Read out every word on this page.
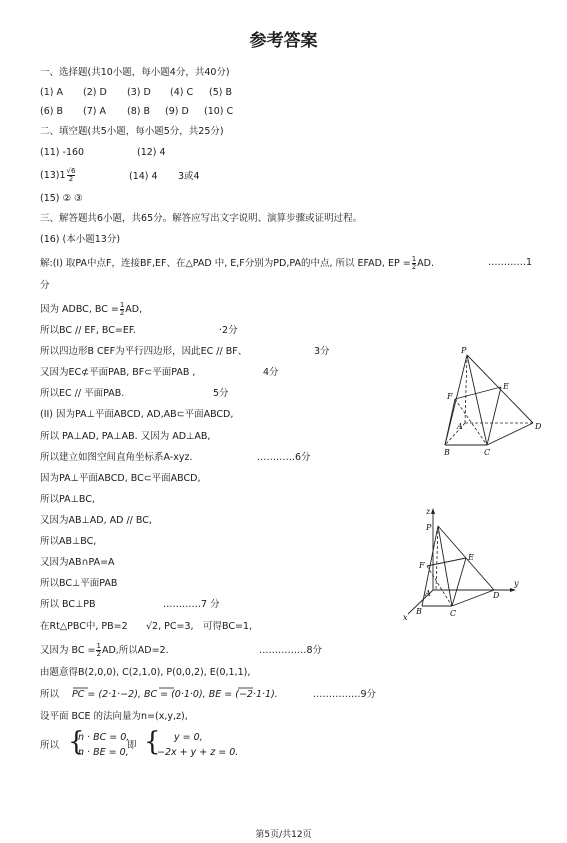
参考答案
一、选择题(共10小题，每小题4分，共40分)
(1) A (2) D (3) D (4) C (5) B
(6) B (7) A (8) B (9) D (10) C
二、填空题(共5小题，每小题5分，共25分)
(11) -160	(12) 4
$(13)1 \frac{√6}{2}$	(14) 4 3或4
(15) ② ③
三、解答题共6小题，共65分。解答应写出文字说明、演算步骤或证明过程。
(16) (本小题13分)
解:(I) 取PA中点F，连接BF,EF、在△PAD 中, E,F分别为PD,PA的中点, 所以 EFAD, EP = $\frac{1}{2}$ AD.	…………1
分
因为 ADBC, BC = $\frac{1}{2}$ AD,
所以BC // EF, BC=EF.	·2分
所以四边形B CEF为平行四边形，因此EC // BF、	3分
又因为EC⊄平面PAB, BF⊂平面PAB ,	4分
所以EC // 平面PAB.	5分
(II) 因为PA⊥平面ABCD, AD,AB⊂平面ABCD,
所以 PA⊥AD, PA⊥AB. 又因为 AD⊥AB,
所以建立如图空间直角坐标系A-xyz.	…………6分
因为PA⊥平面ABCD, BC⊂平面ABCD,
所以PA⊥BC,
又因为AB⊥AD, AD // BC,
所以AB⊥BC,
又因为AB∩PA=A
所以BC⊥平面PAB
所以 BC⊥PB	…………7 分
在Rt△PBC中, PB=2 √2, PC=3, 可得BC=1,
又因为 BC = $\frac{1}{2}$ AD,所以AD=2.	……………8分
由题意得B(2,0,0), C(2,1,0), P(0,0,2), E(0,1,1),
所以 PC = (2·1·−2), BC = (0·1·0), BE = (−2·1·1).	……………9分
设平面 BCE 的法向量为n=(x,y,z),
所以 {
n · BC = 0,
n · BE = 0,
即 { y = 0,
−2x + y + z = 0.
P
E
F
A
B	C
D
z
P
F
E
A	D
y
B	C
x
第5页/共12页
